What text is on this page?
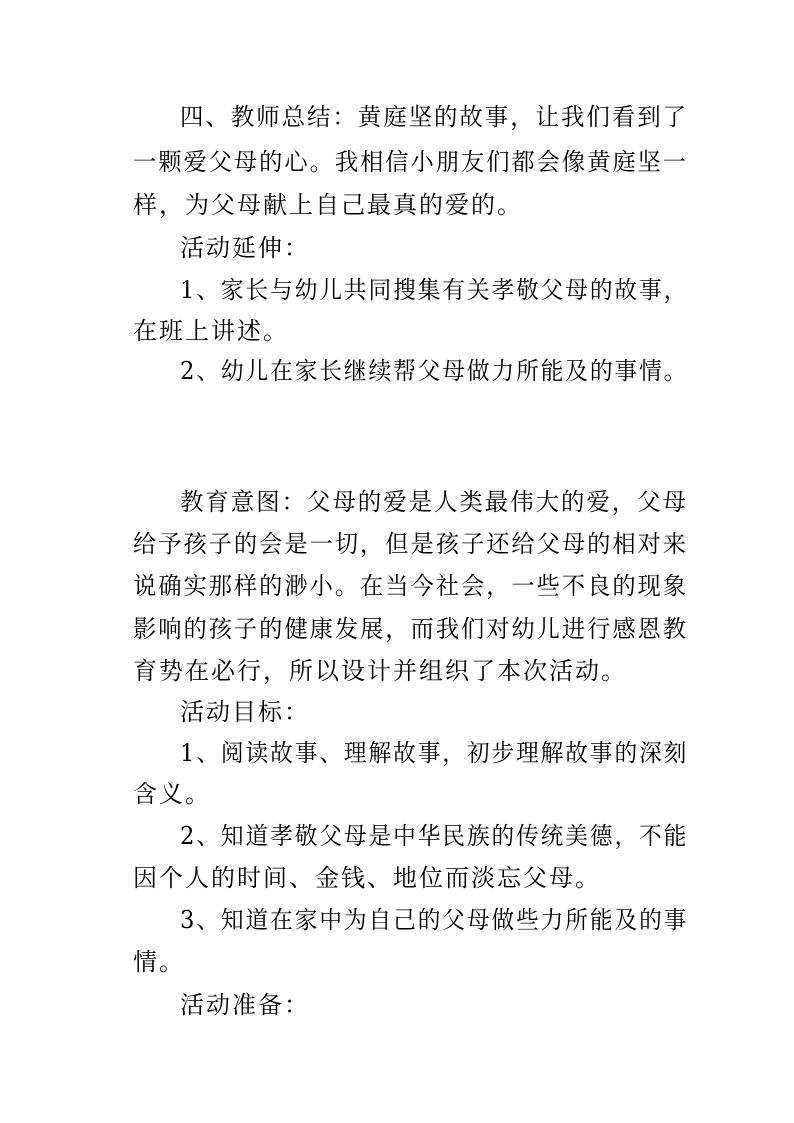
四、教师总结：黄庭坚的故事，让我们看到了
一颗爱父母的心。我相信小朋友们都会像黄庭坚一
样，为父母献上自己最真的爱的。
活动延伸：
1、家长与幼儿共同搜集有关孝敬父母的故事，
在班上讲述。
2、幼儿在家长继续帮父母做力所能及的事情。
教育意图：父母的爱是人类最伟大的爱，父母
给予孩子的会是一切，但是孩子还给父母的相对来
说确实那样的渺小。在当今社会，一些不良的现象
影响的孩子的健康发展，而我们对幼儿进行感恩教
育势在必行，所以设计并组织了本次活动。
活动目标：
1、阅读故事、理解故事，初步理解故事的深刻
含义。
2、知道孝敬父母是中华民族的传统美德，不能
因个人的时间、金钱、地位而淡忘父母。
3、知道在家中为自己的父母做些力所能及的事
情。
活动准备：
